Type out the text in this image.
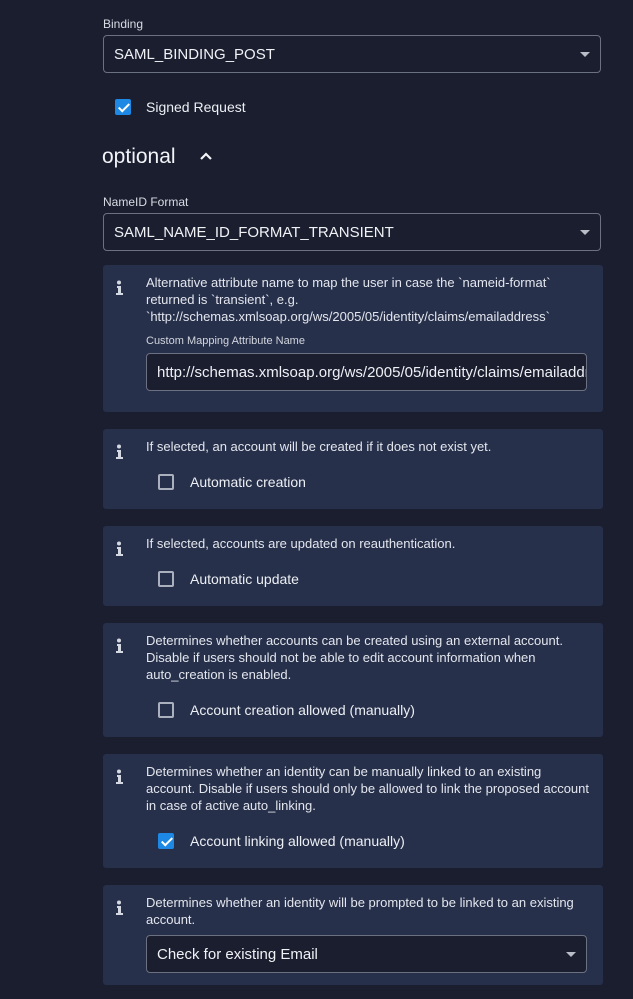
Binding
SAML_BINDING_POST
Signed Request
optional
NameID Format
SAML_NAME_ID_FORMAT_TRANSIENT
Alternative attribute name to map the user in case the `nameid-format` returned is `transient`, e.g. `http://schemas.xmlsoap.org/ws/2005/05/identity/claims/emailaddress`
Custom Mapping Attribute Name
http://schemas.xmlsoap.org/ws/2005/05/identity/claims/emailaddress
If selected, an account will be created if it does not exist yet.
Automatic creation
If selected, accounts are updated on reauthentication.
Automatic update
Determines whether accounts can be created using an external account. Disable if users should not be able to edit account information when auto_creation is enabled.
Account creation allowed (manually)
Determines whether an identity can be manually linked to an existing account. Disable if users should only be allowed to link the proposed account in case of active auto_linking.
Account linking allowed (manually)
Determines whether an identity will be prompted to be linked to an existing account.
Check for existing Email
